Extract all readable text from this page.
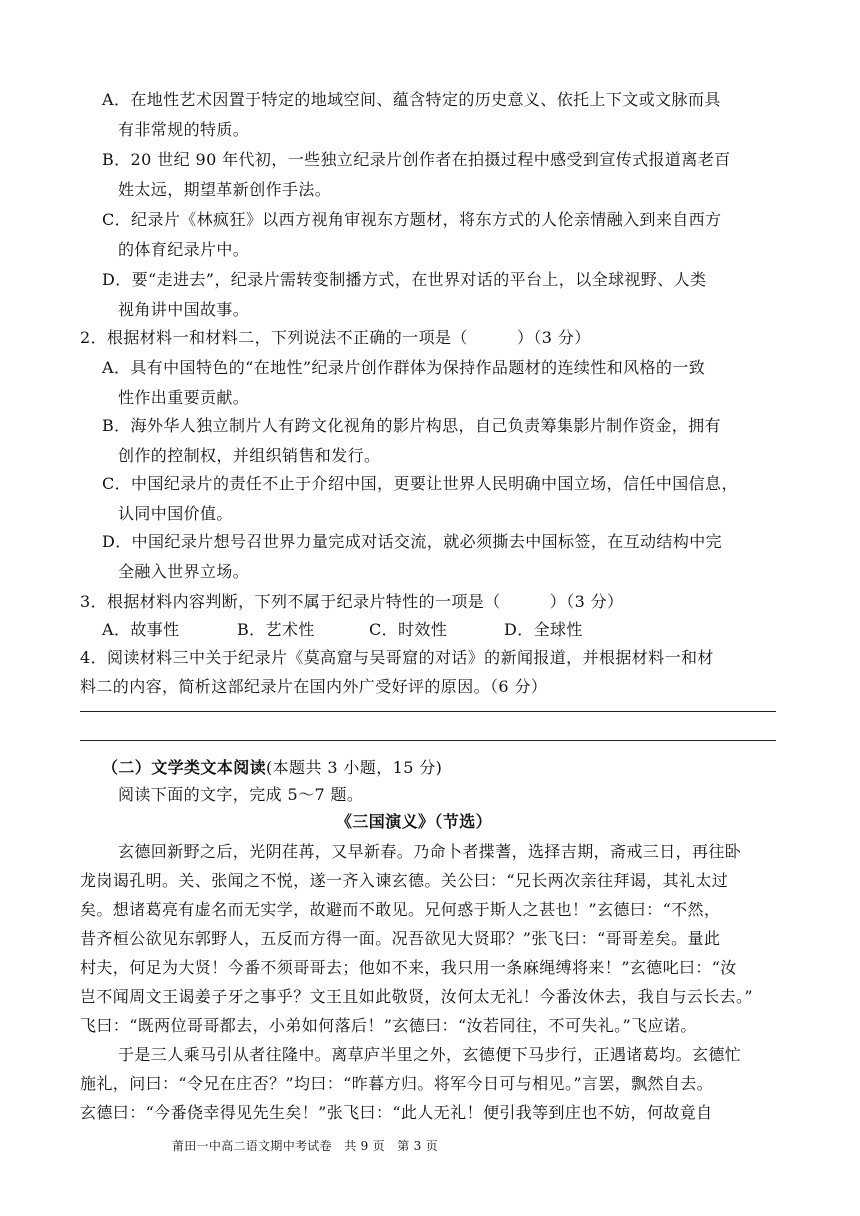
A．在地性艺术因置于特定的地域空间、蕴含特定的历史意义、依托上下文或文脉而具
有非常规的特质。
B．20 世纪 90 年代初，一些独立纪录片创作者在拍摄过程中感受到宣传式报道离老百
姓太远，期望革新创作手法。
C．纪录片《林疯狂》以西方视角审视东方题材，将东方式的人伦亲情融入到来自西方
的体育纪录片中。
D．要“走进去”，纪录片需转变制播方式，在世界对话的平台上，以全球视野、人类
视角讲中国故事。
2．根据材料一和材料二，下列说法不正确的一项是（　　　）（3 分）
A．具有中国特色的“在地性”纪录片创作群体为保持作品题材的连续性和风格的一致
性作出重要贡献。
B．海外华人独立制片人有跨文化视角的影片构思，自己负责筹集影片制作资金，拥有
创作的控制权，并组织销售和发行。
C．中国纪录片的责任不止于介绍中国，更要让世界人民明确中国立场，信任中国信息，
认同中国价值。
D．中国纪录片想号召世界力量完成对话交流，就必须撕去中国标签，在互动结构中完
全融入世界立场。
3．根据材料内容判断，下列不属于纪录片特性的一项是（　　　）（3 分）
A．故事性	B．艺术性	C．时效性	D．全球性
4．阅读材料三中关于纪录片《莫高窟与吴哥窟的对话》的新闻报道，并根据材料一和材
料二的内容，简析这部纪录片在国内外广受好评的原因。（6 分）
（二）文学类文本阅读(本题共 3 小题，15 分)
阅读下面的文字，完成 5～7 题。
《三国演义》（节选）
玄德回新野之后，光阴荏苒，又早新春。乃命卜者揲蓍，选择吉期，斋戒三日，再往卧
龙岗谒孔明。关、张闻之不悦，遂一齐入谏玄德。关公曰：“兄长两次亲往拜谒，其礼太过
矣。想诸葛亮有虚名而无实学，故避而不敢见。兄何惑于斯人之甚也！”玄德曰：“不然，
昔齐桓公欲见东郭野人，五反而方得一面。况吾欲见大贤耶？”张飞曰：“哥哥差矣。量此
村夫，何足为大贤！今番不须哥哥去；他如不来，我只用一条麻绳缚将来！”玄德叱曰：“汝
岂不闻周文王谒姜子牙之事乎？文王且如此敬贤，汝何太无礼！今番汝休去，我自与云长去。”
飞曰：“既两位哥哥都去，小弟如何落后！”玄德曰：“汝若同往，不可失礼。”飞应诺。
于是三人乘马引从者往隆中。离草庐半里之外，玄德便下马步行，正遇诸葛均。玄德忙
施礼，问曰：“令兄在庄否？”均曰：“昨暮方归。将军今日可与相见。”言罢，飘然自去。
玄德曰：“今番侥幸得见先生矣！”张飞曰：“此人无礼！便引我等到庄也不妨，何故竟自
莆田一中高二语文期中考试卷　共 9 页　第 3 页
